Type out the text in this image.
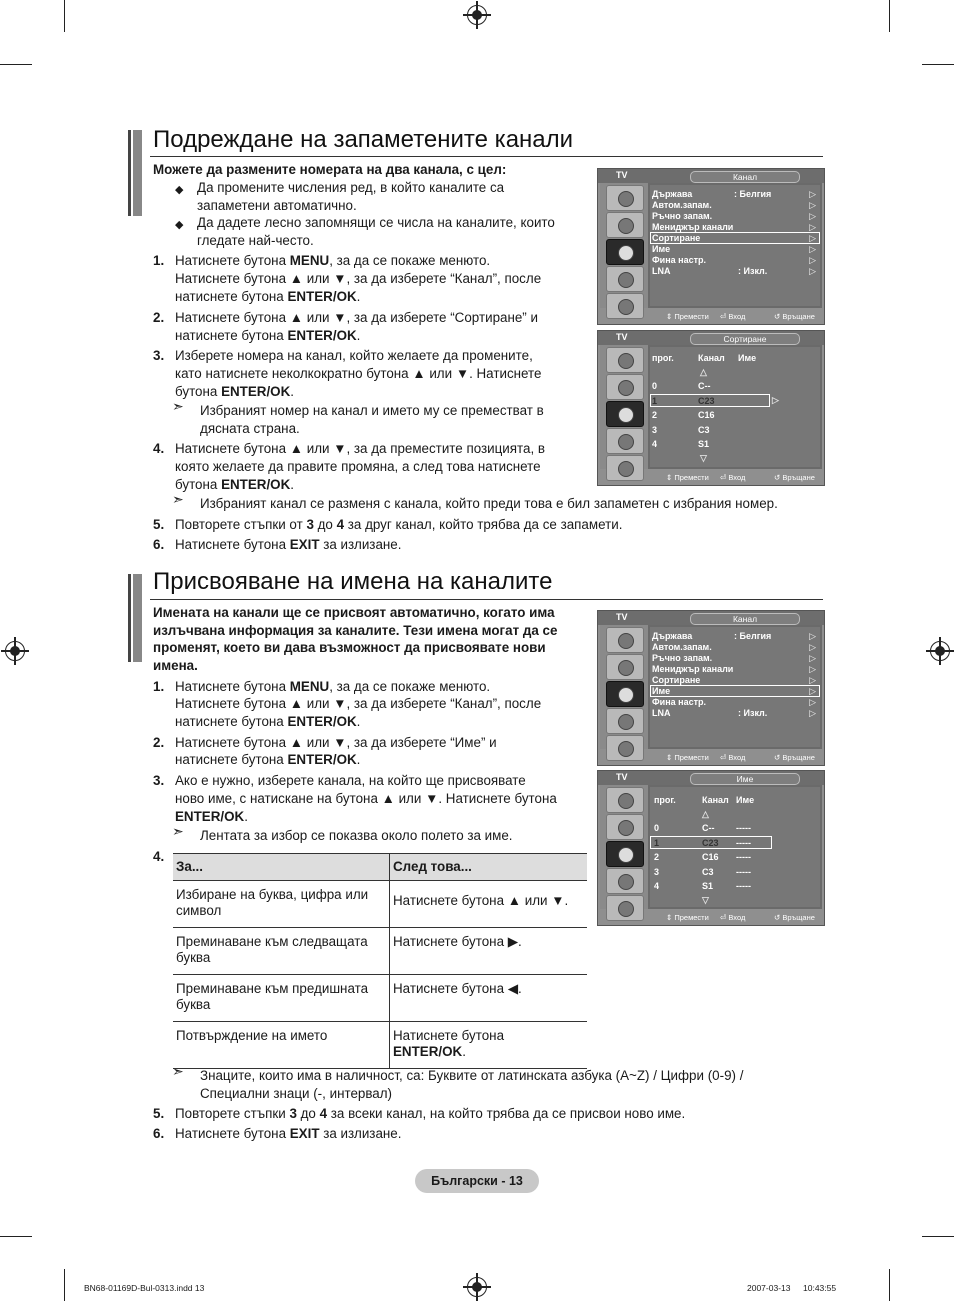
Подреждане на запаметените канали
Можете да размените номерата на два канала, с цел:
◆ Да промените числения ред, в който каналите са
запаметени автоматично.
◆ Да дадете лесно запомнящи се числа на каналите, които
гледате най-често.
1. Натиснете бутона MENU, за да се покаже менюто.
Натиснете бутона ▲ или ▼, за да изберете “Канал”, после
натиснете бутона ENTER/OK.
2. Натиснете бутона ▲ или ▼, за да изберете “Сортиране” и
натиснете бутона ENTER/OK.
3. Изберете номера на канал, който желаете да промените,
като натиснете неколкократно бутона ▲ или ▼. Натиснете
бутона ENTER/OK.
➣ Избраният номер на канал и името му се преместват в
дясната страна.
4. Натиснете бутона ▲ или ▼, за да преместите позицията, в
която желаете да правите промяна, а след това натиснете
бутона ENTER/OK.
➣ Избраният канал се разменя с канала, който преди това е бил запаметен с избрания номер.
5. Повторете стъпки от 3 до 4 за друг канал, който трябва да се запамети.
6. Натиснете бутона EXIT за излизане.
TV	Канал
Държава	: Белгия	▷
Автом.запам.	▷
Ръчно запам.	▷
Мениджър канали	▷
Сортиране	▷
Име	▷
Фина настр.	▷
LNA	: Изкл.	▷
⇕ Премести ⏎ Вход	↺ Връщане
TV	Сортиране
прог.	Канал Име
△
0	C--
1	C23	▷
2	C16
3	C3
4	S1
▽
⇕ Премести ⏎ Вход	↺ Връщане
Присвояване на имена на каналите
Имената на канали ще се присвоят автоматично, когато има
излъчвана информация за каналите. Тези имена могат да се
променят, което ви дава възможност да присвоявате нови
имена.
1. Натиснете бутона MENU, за да се покаже менюто.
Натиснете бутона ▲ или ▼, за да изберете “Канал”, после
натиснете бутона ENTER/OK.
2. Натиснете бутона ▲ или ▼, за да изберете “Име” и
натиснете бутона ENTER/OK.
3. Ако е нужно, изберете канала, на който ще присвоявате
ново име, с натискане на бутона ▲ или ▼. Натиснете бутона
ENTER/OK.
➣ Лентата за избор се показва около полето за име.
4.
За...	След това...
Избиране на буква, цифра или символ	Натиснете бутона ▲ или ▼.
Преминаване към следващата буква	Натиснете бутона ▶.
Преминаване към предишната буква	Натиснете бутона ◀.
Потвърждение на името	Натиснете бутона
ENTER/OK.
TV	Канал
Държава	: Белгия	▷
Автом.запам.	▷
Ръчно запам.	▷
Мениджър канали	▷
Сортиране	▷
Име	▷
Фина настр.	▷
LNA	: Изкл.	▷
⇕ Премести ⏎ Вход	↺ Връщане
TV	Име
прог.	Канал Име
△
0	C-- -----
1	C23 -----
2	C16 -----
3	C3 -----
4	S1	-----
▽
⇕ Премести ⏎ Вход	↺ Връщане
➣ Знаците, които има в наличност, са: Буквите от латинската азбука (A~Z) / Цифри (0-9) /
Специални знаци (-, интервал)
5. Повторете стъпки 3 до 4 за всеки канал, на който трябва да се присвои ново име.
6. Натиснете бутона EXIT за излизане.
Български - 13
BN68-01169D-Bul-0313.indd 13	2007-03-13 10:43:55
